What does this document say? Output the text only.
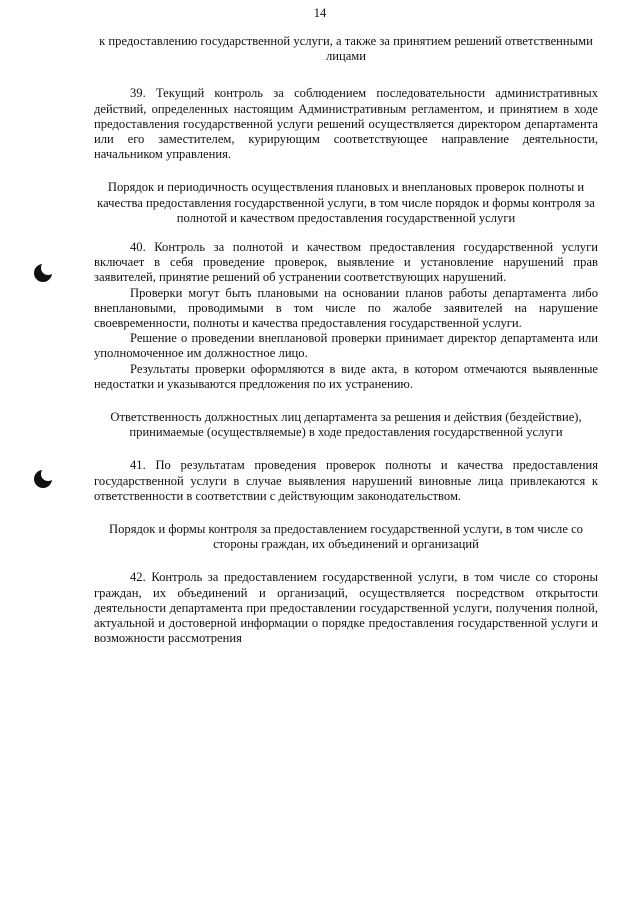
14

к предоставлению государственной услуги, а также за принятием решений ответственными лицами

39. Текущий контроль за соблюдением последовательности административных действий, определенных настоящим Административным регламентом, и принятием в ходе предоставления государственной услуги решений осуществляется директором департамента или его заместителем, курирующим соответствующее направление деятельности, начальником управления.

Порядок и периодичность осуществления плановых и внеплановых проверок полноты и качества предоставления государственной услуги, в том числе порядок и формы контроля за полнотой и качеством предоставления государственной услуги

40. Контроль за полнотой и качеством предоставления государственной услуги включает в себя проведение проверок, выявление и установление нарушений прав заявителей, принятие решений об устранении соответствующих нарушений.

Проверки могут быть плановыми на основании планов работы департамента либо внеплановыми, проводимыми в том числе по жалобе заявителей на нарушение своевременности, полноты и качества предоставления государственной услуги.

Решение о проведении внеплановой проверки принимает директор департамента или уполномоченное им должностное лицо.

Результаты проверки оформляются в виде акта, в котором отмечаются выявленные недостатки и указываются предложения по их устранению.

Ответственность должностных лиц департамента за решения и действия (бездействие), принимаемые (осуществляемые) в ходе предоставления государственной услуги

41. По результатам проведения проверок полноты и качества предоставления государственной услуги в случае выявления нарушений виновные лица привлекаются к ответственности в соответствии с действующим законодательством.

Порядок и формы контроля за предоставлением государственной услуги, в том числе со стороны граждан, их объединений и организаций

42. Контроль за предоставлением государственной услуги, в том числе со стороны граждан, их объединений и организаций, осуществляется посредством открытости деятельности департамента при предоставлении государственной услуги, получения полной, актуальной и достоверной информации о порядке предоставления государственной услуги и возможности рассмотрения
